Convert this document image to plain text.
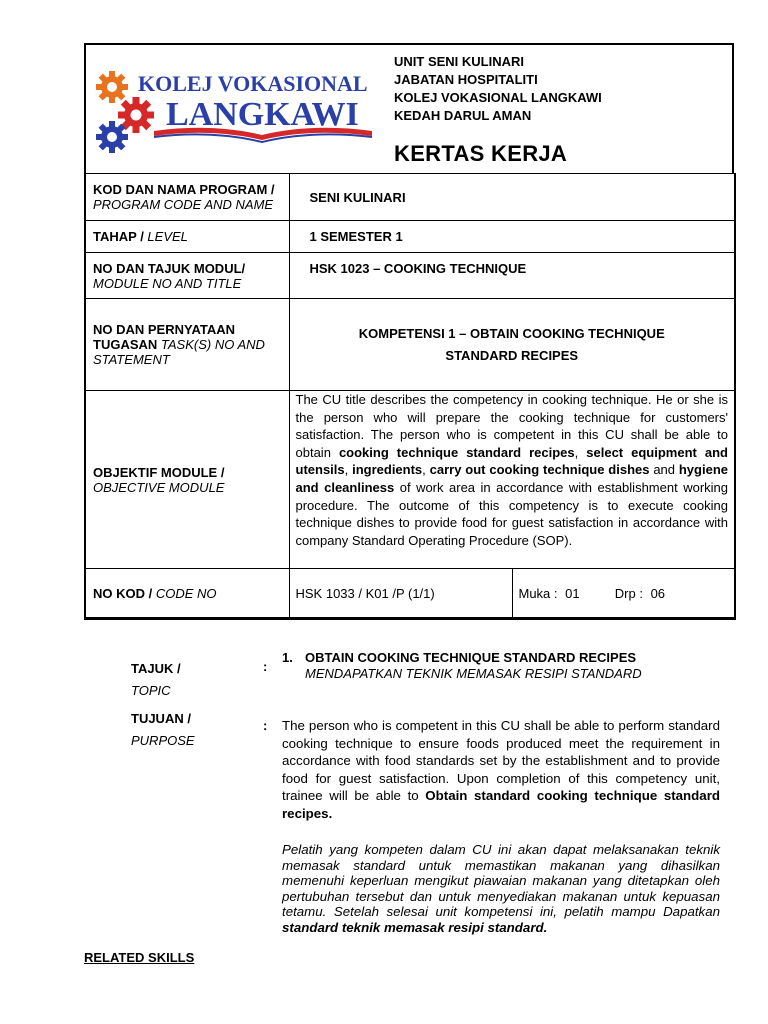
KOLEJ VOKASIONAL
LANGKAWI
UNIT SENI KULINARI
JABATAN HOSPITALITI
KOLEJ VOKASIONAL LANGKAWI
KEDAH DARUL AMAN
KERTAS KERJA
KOD DAN NAMA PROGRAM / PROGRAM CODE AND NAME	SENI KULINARI	
TAHAP / LEVEL	1 SEMESTER 1	
NO DAN TAJUK MODUL/ MODULE NO AND TITLE	HSK 1023 – COOKING TECHNIQUE	
NO DAN PERNYATAAN TUGASAN TASK(S) NO AND STATEMENT	KOMPETENSI 1 – OBTAIN COOKING TECHNIQUE
STANDARD RECIPES	

OBJEKTIF MODULE / OBJECTIVE MODULE	The CU title describes the competency in cooking technique. He or she is the person who will prepare the cooking technique for customers' satisfaction. The person who is competent in this CU shall be able to obtain cooking technique standard recipes, select equipment and utensils, ingredients, carry out cooking technique dishes and hygiene and cleanliness of work area in accordance with establishment working procedure. The outcome of this competency is to execute cooking technique dishes to provide food for guest satisfaction in accordance with company Standard Operating Procedure (SOP).	
NO KOD / CODE NO	HSK 1033 / K01 /P (1/1)	Muka : 01 Drp : 06
TAJUK /
TOPIC
:
1. OBTAIN COOKING TECHNIQUE STANDARD RECIPES
MENDAPATKAN TEKNIK MEMASAK RESIPI STANDARD
TUJUAN /
PURPOSE
: The person who is competent in this CU shall be able to perform standard cooking technique to ensure foods produced meet the requirement in accordance with food standards set by the establishment and to provide food for guest satisfaction. Upon completion of this competency unit, trainee will be able to Obtain standard cooking technique standard recipes.
Pelatih yang kompeten dalam CU ini akan dapat melaksanakan teknik memasak standard untuk memastikan makanan yang dihasilkan memenuhi keperluan mengikut piawaian makanan yang ditetapkan oleh pertubuhan tersebut dan untuk menyediakan makanan untuk kepuasan tetamu. Setelah selesai unit kompetensi ini, pelatih mampu Dapatkan standard teknik memasak resipi standard.
RELATED SKILLS
